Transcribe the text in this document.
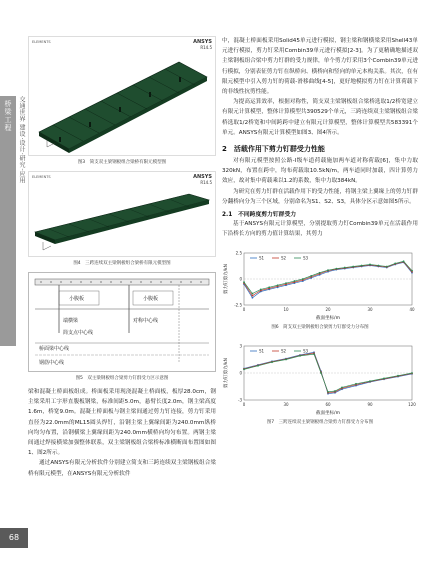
桥梁工程	交通世界 建设·设计·研究·应用
68
ELEMENTS	ANSYS
R14.5
图3　简支双主梁钢板组合梁桥有限元模型图
ELEMENTS	ANSYS
R14.5
图4　三跨连续双主梁钢板组合梁桥有限元模型图
小腹板	小腹板
端横梁	对称中心线
简支点中心线
桥面梁中心线
钢筋中心线
图5　双主梁钢板组合梁剪力钉群受力区示意图

梁和混凝土桥面板组成。桥面板采用现浇混凝土桥面板，板厚28.0cm，钢主梁采用工字形直腹板钢梁，标准间距5.0m，悬臂长度2.0m，钢主梁高度1.6m，桥宽9.0m。混凝土桥面板与钢主梁间通过剪力钉连接，剪力钉采用直径为22.0mm的ML15圆头焊钉，沿钢主梁上翼缘间距为240.0mm纵桥向均匀布置，沿钢横梁上翼缘间距为240.0mm横桥向均匀布置。两钢主梁间通过焊接横梁加强整体联系，双主梁钢板组合梁桥标准横断面布置图如图1、图2所示。

通过ANSYS有限元分析软件分别建立简支和三跨连续双主梁钢板组合梁桥有限元模型，在ANSYS有限元分析软件

中，混凝土桥面板采用Solid45单元进行模拟，钢主梁和钢横梁采用Shell43单元进行模拟，剪力钉采用Combin39单元进行模拟[2-3]。为了更精确地描述双主梁钢板组合梁中剪力钉群的受力规律，单个剪力钉采用3个Combin39单元进行模拟，分别表征剪力钉在纵桥向、横桥向和竖向的单元本构关系。其次，在有限元模型中引入剪力钉的荷载-滑移曲线[4-5]，更好地模拟剪力钉在计算荷载下的非线性抗剪性能。

为提高运算效率，根据对称性，简支双主梁钢板组合梁桥选取1/2桥宽建立有限元计算模型，整体计算模型共390529个单元，三跨连续双主梁钢板组合梁桥选取1/2桥宽和中间跨跨中建立有限元计算模型，整体计算模型共583391个单元。ANSYS有限元计算模型如图3、图4所示。

2　活载作用下剪力钉群受力性能

对有限元模型按照公路-I级车道荷载施加两车道对称荷载[6]，集中力取320kN，布置在跨中，均布荷载取10.5kN/m，两车道同时加载，四计算剪力效应，故对集中荷载乘以1.2的系数，集中力取384kN。

为研究在剪力钉群在活载作用下的受力性能，将钢主梁上翼缘上的剪力钉群分翻桥向分为三个区域，分别命名为S1、S2、S3，具体分区示意如图5所示。

2.1　不同跨度剪力钉群受力

基于ANSYS有限元计算模型，分别提取剪力钉Combin39单元在活载作用下沿桥长方向的剪力值计算结果，其剪力

-2.5
0
2.5
0	10	20	30	40
截面坐标/m
剪力钉剪力/kN
S1	S2	S3
图6　简支双主梁钢板组合梁剪力钉群受力分布图
-3
0
3
0	30	60	90	120
截面坐标/m
剪力钉剪力/kN
S1	S2	S3
图7　三跨连续双主梁钢板组合梁剪力钉群受力分布图
